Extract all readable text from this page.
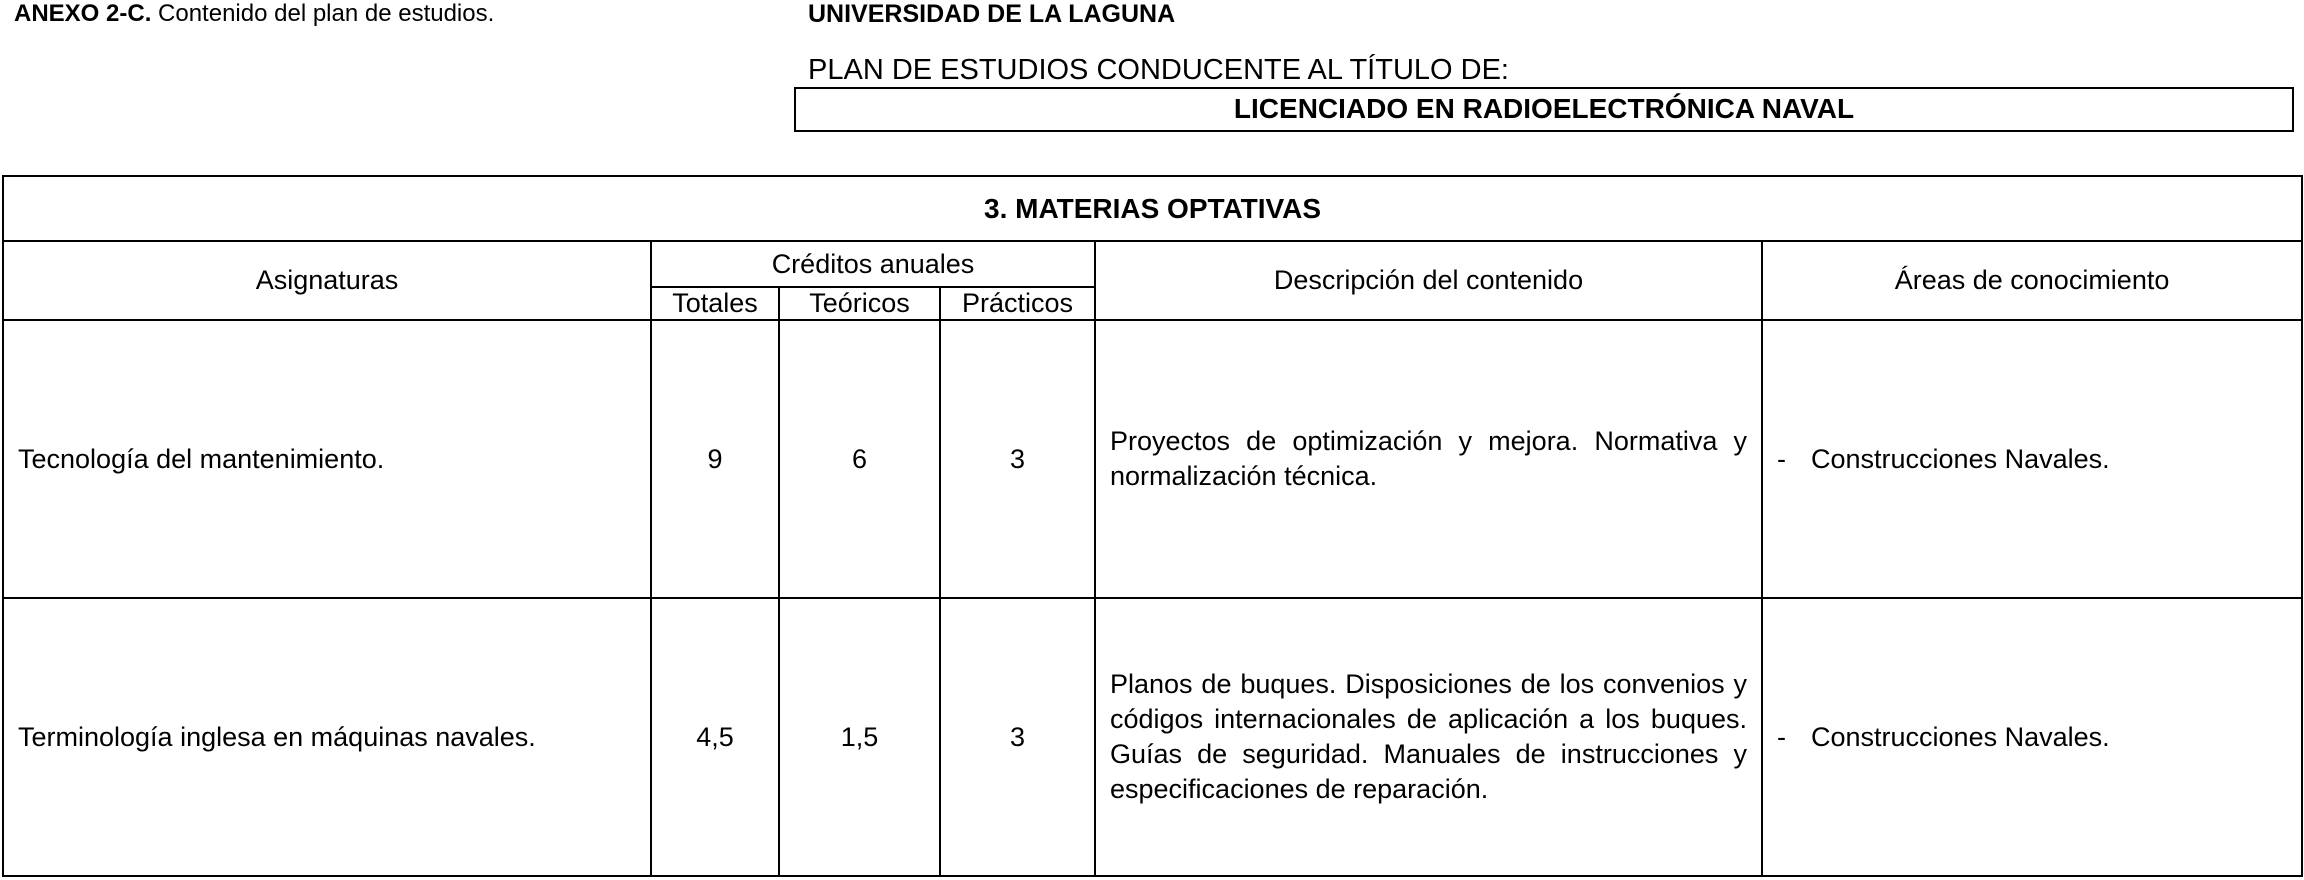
ANEXO 2-C. Contenido del plan de estudios.	UNIVERSIDAD DE LA LAGUNA
PLAN DE ESTUDIOS CONDUCENTE AL TÍTULO DE:
LICENCIADO EN RADIOELECTRÓNICA NAVAL
3. MATERIAS OPTATIVAS					
Asignaturas	Créditos anuales			Descripción del contenido	Áreas de conocimiento
	Totales	Teóricos	Prácticos		
Tecnología del mantenimiento.	9	6	3	Proyectos de optimización y mejora. Normativa y normalización técnica.	- Construcciones Navales.
Terminología inglesa en máquinas navales.	4,5	1,5	3	Planos de buques. Disposiciones de los convenios y códigos internacionales de aplicación a los buques. Guías de seguridad. Manuales de instrucciones y especificaciones de reparación.	- Construcciones Navales.
